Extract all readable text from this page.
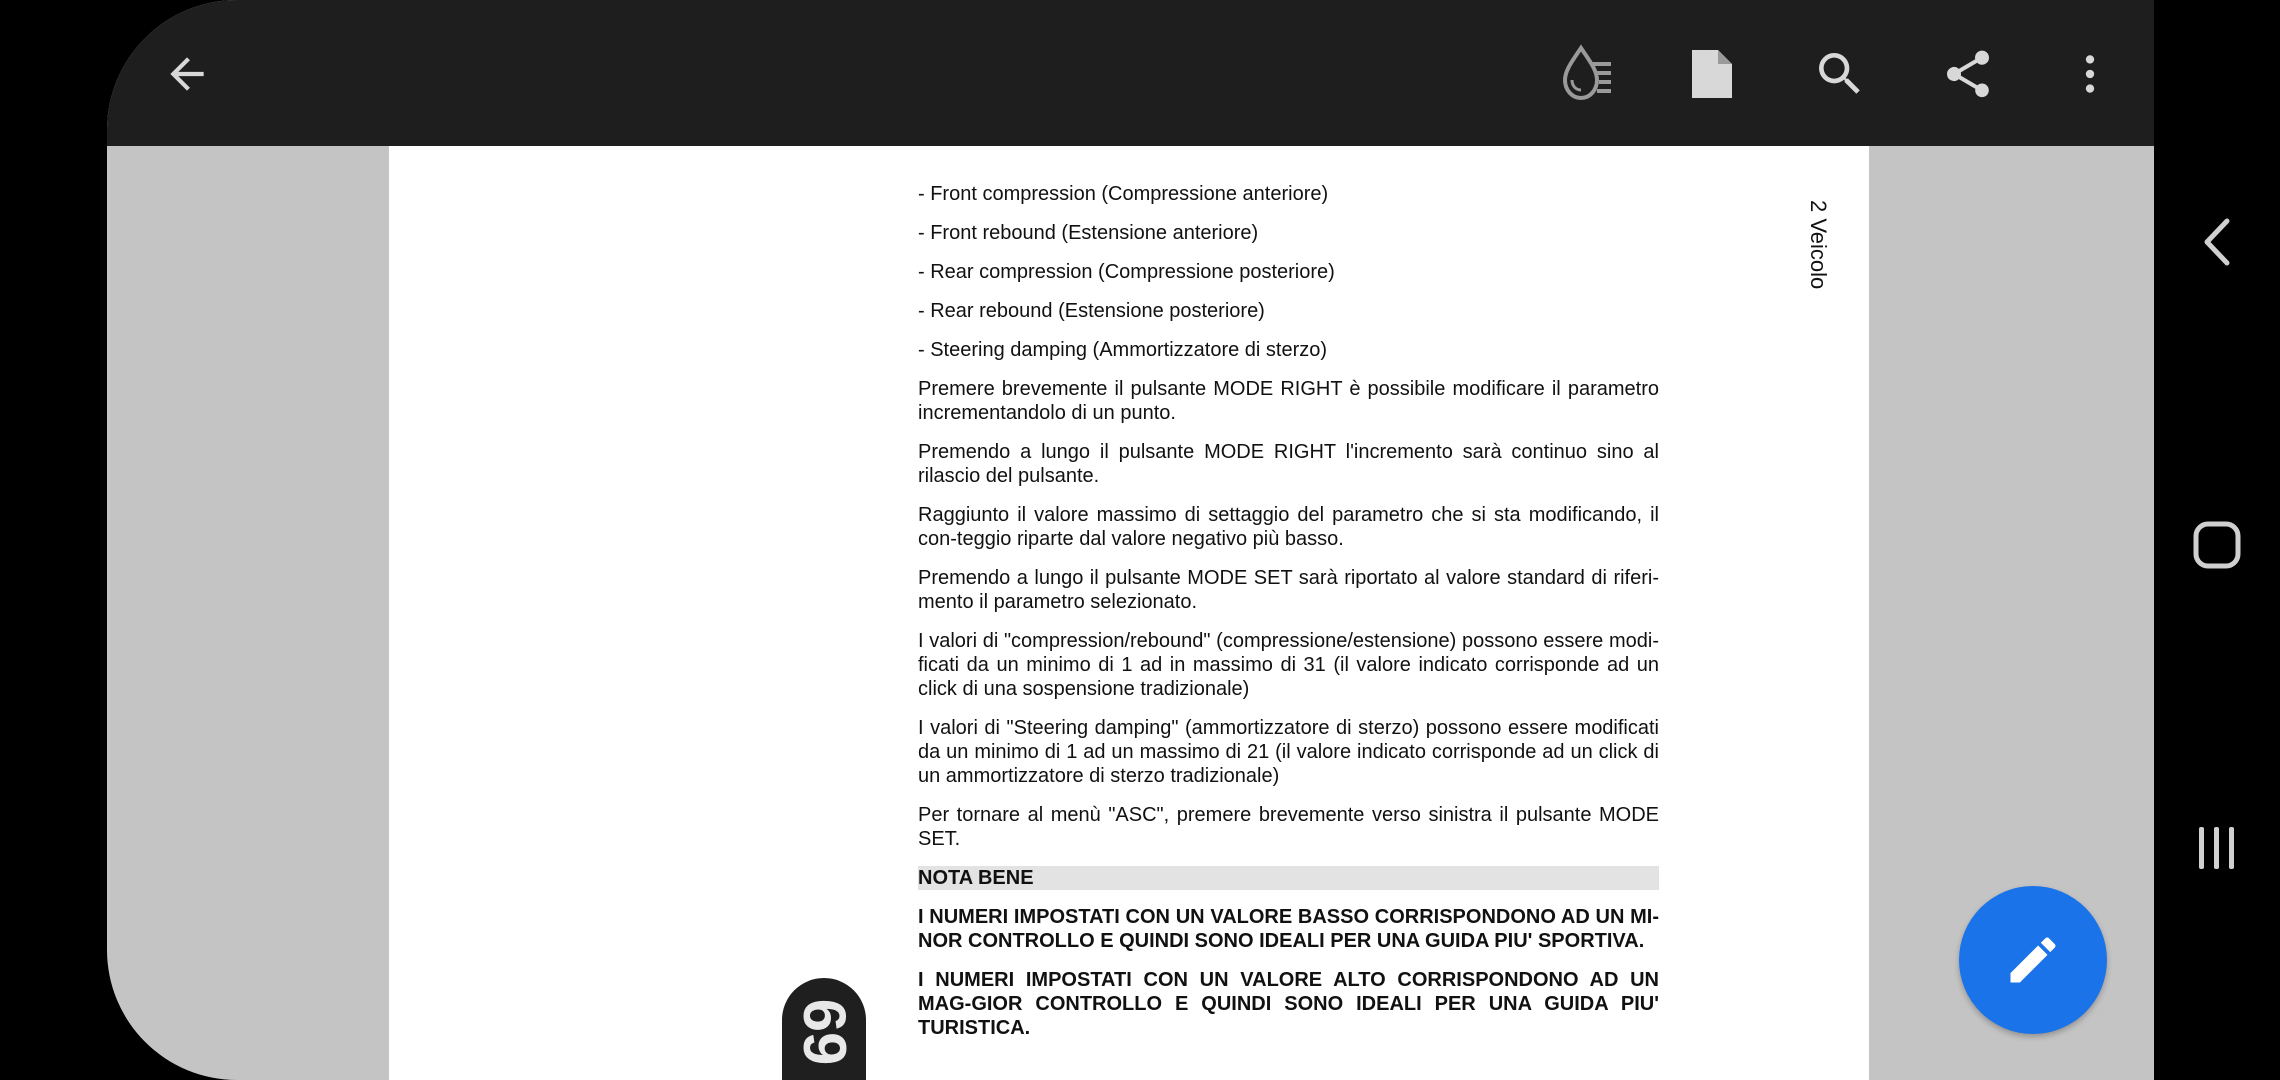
- Front compression (Compressione anteriore)

- Front rebound (Estensione anteriore)

- Rear compression (Compressione posteriore)

- Rear rebound (Estensione posteriore)

- Steering damping (Ammortizzatore di sterzo)

Premere brevemente il pulsante MODE RIGHT è possibile modificare il parametro incrementandolo di un punto.

Premendo a lungo il pulsante MODE RIGHT l'incremento sarà continuo sino al rilascio del pulsante.

Raggiunto il valore massimo di settaggio del parametro che si sta modificando, il con-teggio riparte dal valore negativo più basso.

Premendo a lungo il pulsante MODE SET sarà riportato al valore standard di riferi-mento il parametro selezionato.

I valori di "compression/rebound" (compressione/estensione) possono essere modi-ficati da un minimo di 1 ad in massimo di 31 (il valore indicato corrisponde ad un click di una sospensione tradizionale)

I valori di "Steering damping" (ammortizzatore di sterzo) possono essere modificati da un minimo di 1 ad un massimo di 21 (il valore indicato corrisponde ad un click di un ammortizzatore di sterzo tradizionale)

Per tornare al menù "ASC", premere brevemente verso sinistra il pulsante MODE SET.

NOTA BENE

I NUMERI IMPOSTATI CON UN VALORE BASSO CORRISPONDONO AD UN MI-NOR CONTROLLO E QUINDI SONO IDEALI PER UNA GUIDA PIU' SPORTIVA.

I NUMERI IMPOSTATI CON UN VALORE ALTO CORRISPONDONO AD UN MAG-GIOR CONTROLLO E QUINDI SONO IDEALI PER UNA GUIDA PIU' TURISTICA.

2 Veicolo
69
